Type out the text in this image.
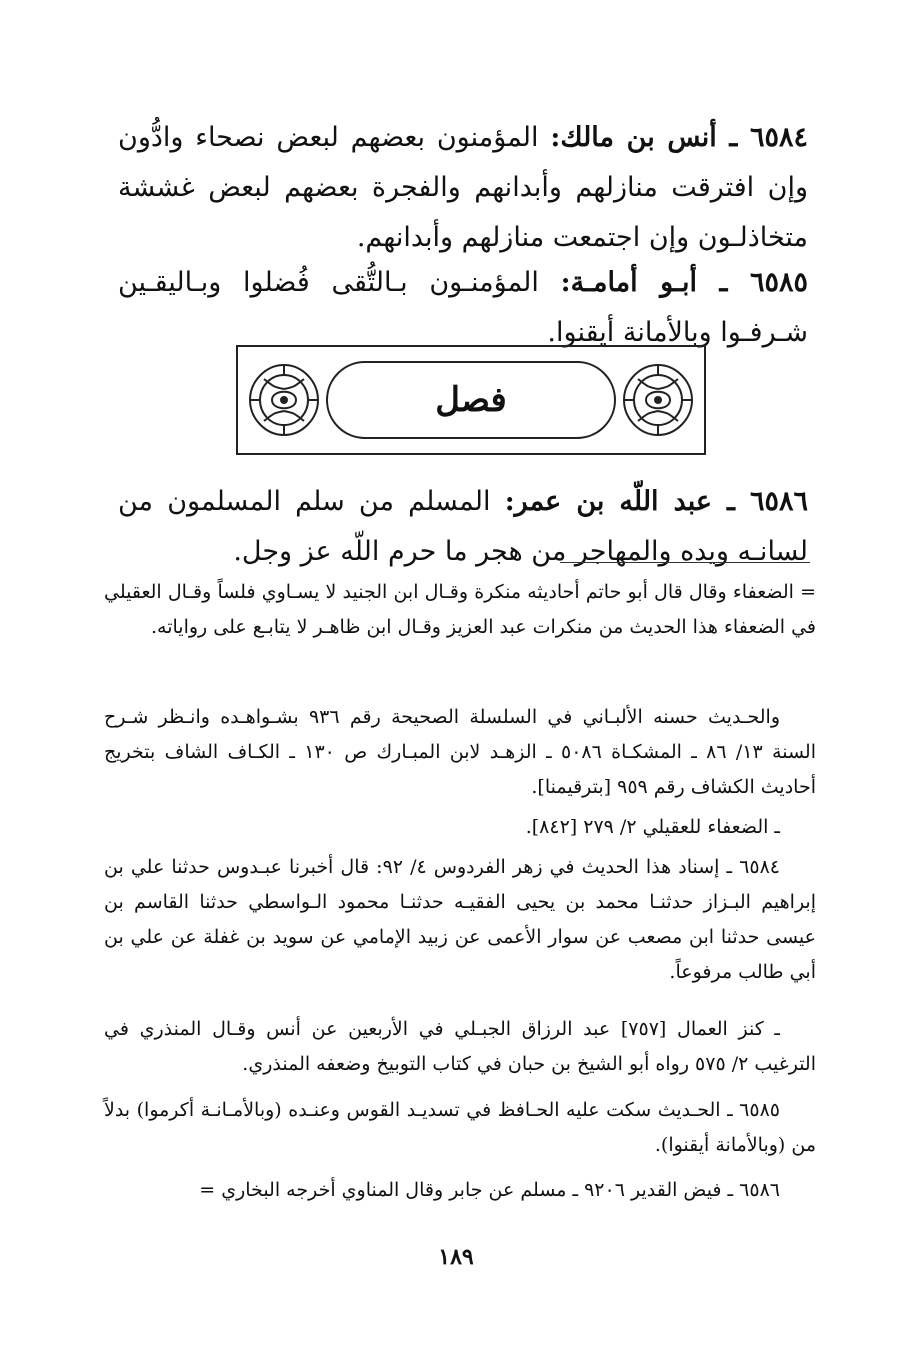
٦٥٨٤ ـ أنس بن مالك: المؤمنون بعضهم لبعض نصحاء وادُّون وإن افترقت منازلهم وأبدانهم والفجرة بعضهم لبعض غششة متخاذلـون وإن اجتمعت منازلهم وأبدانهم.
٦٥٨٥ ـ أبـو أمامـة: المؤمنـون بـالتُّقى فُضلوا وبـاليقـين شـرفـوا وبالأمانة أيقنوا.
فصل
٦٥٨٦ ـ عبد اللّه بن عمر: المسلم من سلم المسلمون من لسانـه ويده والمهاجر من هجر ما حرم اللّه عز وجل.

= الضعفاء وقال قال أبو حاتم أحاديثه منكرة وقـال ابن الجنيد لا يسـاوي فلساً وقـال العقيلي في الضعفاء هذا الحديث من منكرات عبد العزيز وقـال ابن ظاهـر لا يتابـع على رواياته.

والحـديث حسنه الألبـاني في السلسلة الصحيحة رقم ٩٣٦ بشـواهـده وانـظر شـرح السنة ١٣/ ٨٦ ـ المشكـاة ٥٠٨٦ ـ الزهـد لابن المبـارك ص ١٣٠ ـ الكـاف الشاف بتخريج أحاديث الكشاف رقم ٩٥٩ [بترقيمنا].

ـ الضعفاء للعقيلي ٢/ ٢٧٩ [٨٤٢].

٦٥٨٤ ـ إسناد هذا الحديث في زهر الفردوس ٤/ ٩٢: قال أخبرنا عبـدوس حدثنا علي بن إبراهيم البـزاز حدثنـا محمد بن يحيى الفقيـه حدثنـا محمود الـواسطي حدثنا القاسم بن عيسى حدثنا ابن مصعب عن سوار الأعمى عن زبيد الإمامي عن سويد بن غفلة عن علي بن أبي طالب مرفوعاً.

ـ كنز العمال [٧٥٧] عبد الرزاق الجبـلي في الأربعين عن أنس وقـال المنذري في الترغيب ٢/ ٥٧٥ رواه أبو الشيخ بن حبان في كتاب التوبيخ وضعفه المنذري.

٦٥٨٥ ـ الحـديث سكت عليه الحـافظ في تسديـد القوس وعنـده (وبالأمـانـة أكرموا) بدلاً من (وبالأمانة أيقنوا).

٦٥٨٦ ـ فيض القدير ٩٢٠٦ ـ مسلم عن جابر وقال المناوي أخرجه البخاري =

١٨٩
